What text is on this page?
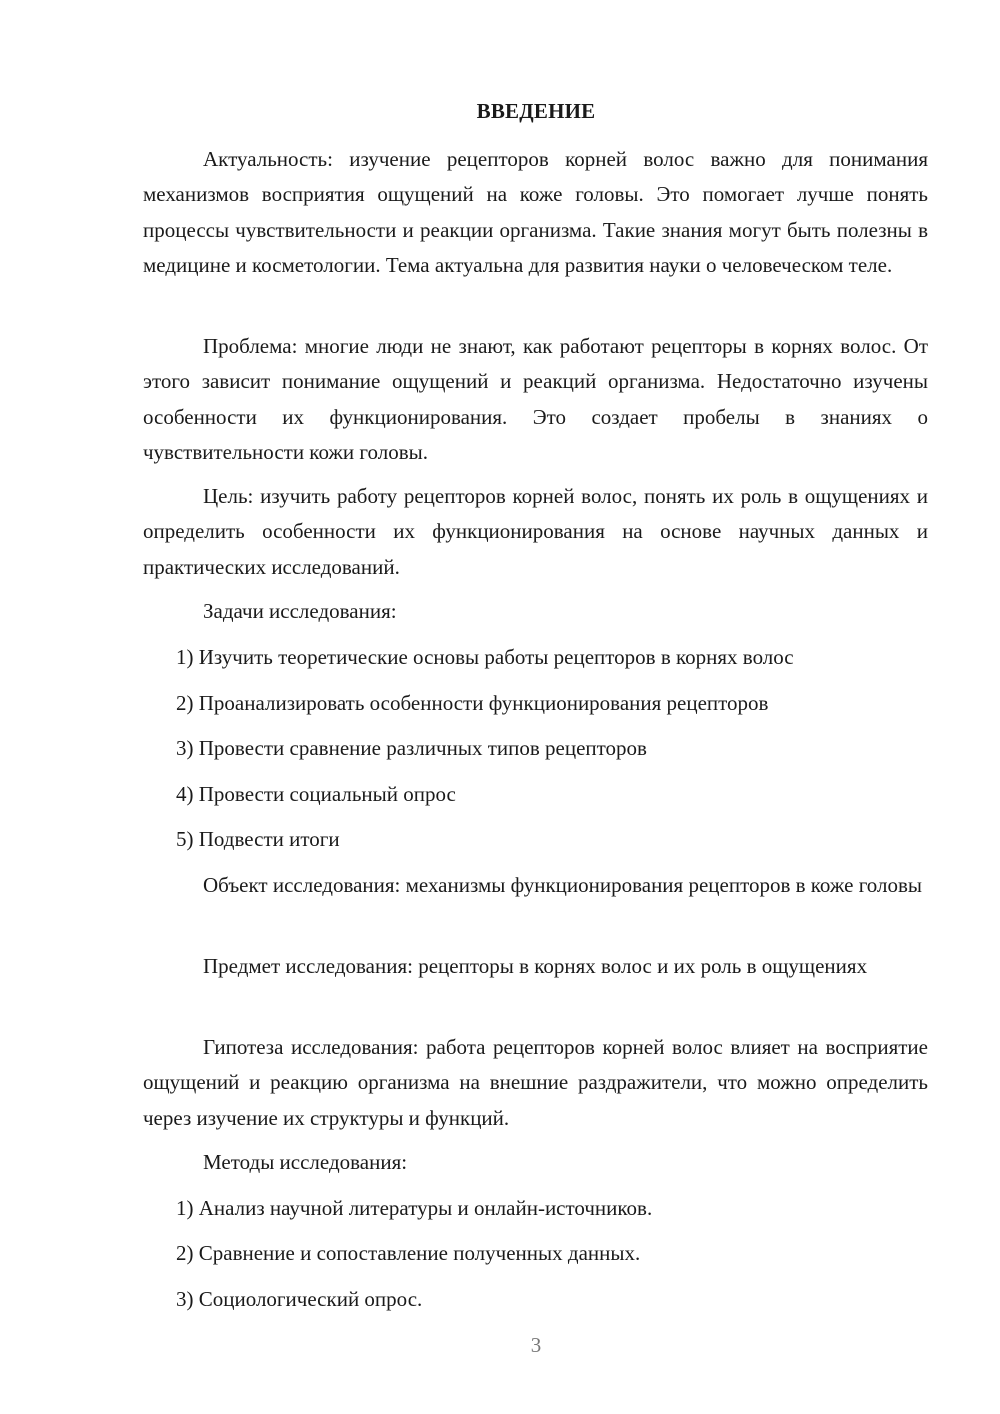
ВВЕДЕНИЕ

Актуальность: изучение рецепторов корней волос важно для понимания механизмов восприятия ощущений на коже головы. Это помогает лучше понять процессы чувствительности и реакции организма. Такие знания могут быть полезны в медицине и косметологии. Тема актуальна для развития науки о человеческом теле.

Проблема: многие люди не знают, как работают рецепторы в корнях волос. От этого зависит понимание ощущений и реакций организма. Недостаточно изучены особенности их функционирования. Это создает пробелы в знаниях о чувствительности кожи головы.

Цель: изучить работу рецепторов корней волос, понять их роль в ощущениях и определить особенности их функционирования на основе научных данных и практических исследований.

Задачи исследования:
1) Изучить теоретические основы работы рецепторов в корнях волос
2) Проанализировать особенности функционирования рецепторов
3) Провести сравнение различных типов рецепторов
4) Провести социальный опрос
5) Подвести итоги

Объект исследования: механизмы функционирования рецепторов в коже головы

Предмет исследования: рецепторы в корнях волос и их роль в ощущениях

Гипотеза исследования: работа рецепторов корней волос влияет на восприятие ощущений и реакцию организма на внешние раздражители, что можно определить через изучение их структуры и функций.

Методы исследования:
1) Анализ научной литературы и онлайн-источников.
2) Сравнение и сопоставление полученных данных.
3) Социологический опрос.
3
